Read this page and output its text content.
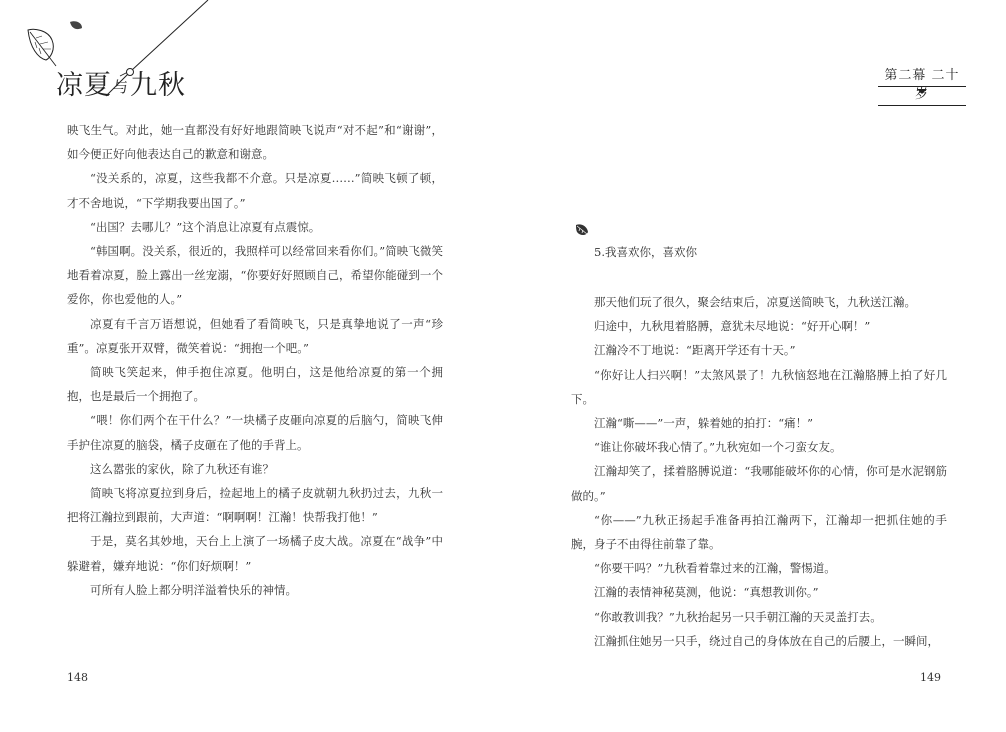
凉夏与九秋	第二幕 二十岁

映飞生气。对此，她一直都没有好好地跟简映飞说声“对不起”和“谢谢”，如今便正好向他表达自己的歉意和谢意。

“没关系的，凉夏，这些我都不介意。只是凉夏……”简映飞顿了顿，才不舍地说，“下学期我要出国了。”

“出国？去哪儿？”这个消息让凉夏有点震惊。

“韩国啊。没关系，很近的，我照样可以经常回来看你们。”简映飞微笑地看着凉夏，脸上露出一丝宠溺，“你要好好照顾自己，希望你能碰到一个爱你，你也爱他的人。”

凉夏有千言万语想说，但她看了看简映飞，只是真挚地说了一声“珍重”。凉夏张开双臂，微笑着说：“拥抱一个吧。”

简映飞笑起来，伸手抱住凉夏。他明白，这是他给凉夏的第一个拥抱，也是最后一个拥抱了。

“喂！你们两个在干什么？”一块橘子皮砸向凉夏的后脑勺，简映飞伸手护住凉夏的脑袋，橘子皮砸在了他的手背上。

这么嚣张的家伙，除了九秋还有谁？

简映飞将凉夏拉到身后，捡起地上的橘子皮就朝九秋扔过去，九秋一把将江瀚拉到跟前，大声道：“啊啊啊！江瀚！快帮我打他！”

于是，莫名其妙地，天台上上演了一场橘子皮大战。凉夏在“战争”中躲避着，嫌弃地说：“你们好烦啊！”

可所有人脸上都分明洋溢着快乐的神情。

148
5.我喜欢你，喜欢你

那天他们玩了很久，聚会结束后，凉夏送简映飞，九秋送江瀚。

归途中，九秋甩着胳膊，意犹未尽地说：“好开心啊！”

江瀚冷不丁地说：“距离开学还有十天。”

“你好让人扫兴啊！”太煞风景了！九秋恼怒地在江瀚胳膊上拍了好几下。

江瀚“嘶——”一声，躲着她的拍打：“痛！”

“谁让你破坏我心情了。”九秋宛如一个刁蛮女友。

江瀚却笑了，揉着胳膊说道：“我哪能破坏你的心情，你可是水泥钢筋做的。”

“你——”九秋正扬起手准备再拍江瀚两下，江瀚却一把抓住她的手腕，身子不由得往前靠了靠。

“你要干吗？”九秋看着靠过来的江瀚，警惕道。

江瀚的表情神秘莫测，他说：“真想教训你。”

“你敢教训我？”九秋抬起另一只手朝江瀚的天灵盖打去。

江瀚抓住她另一只手，绕过自己的身体放在自己的后腰上，一瞬间，

149
